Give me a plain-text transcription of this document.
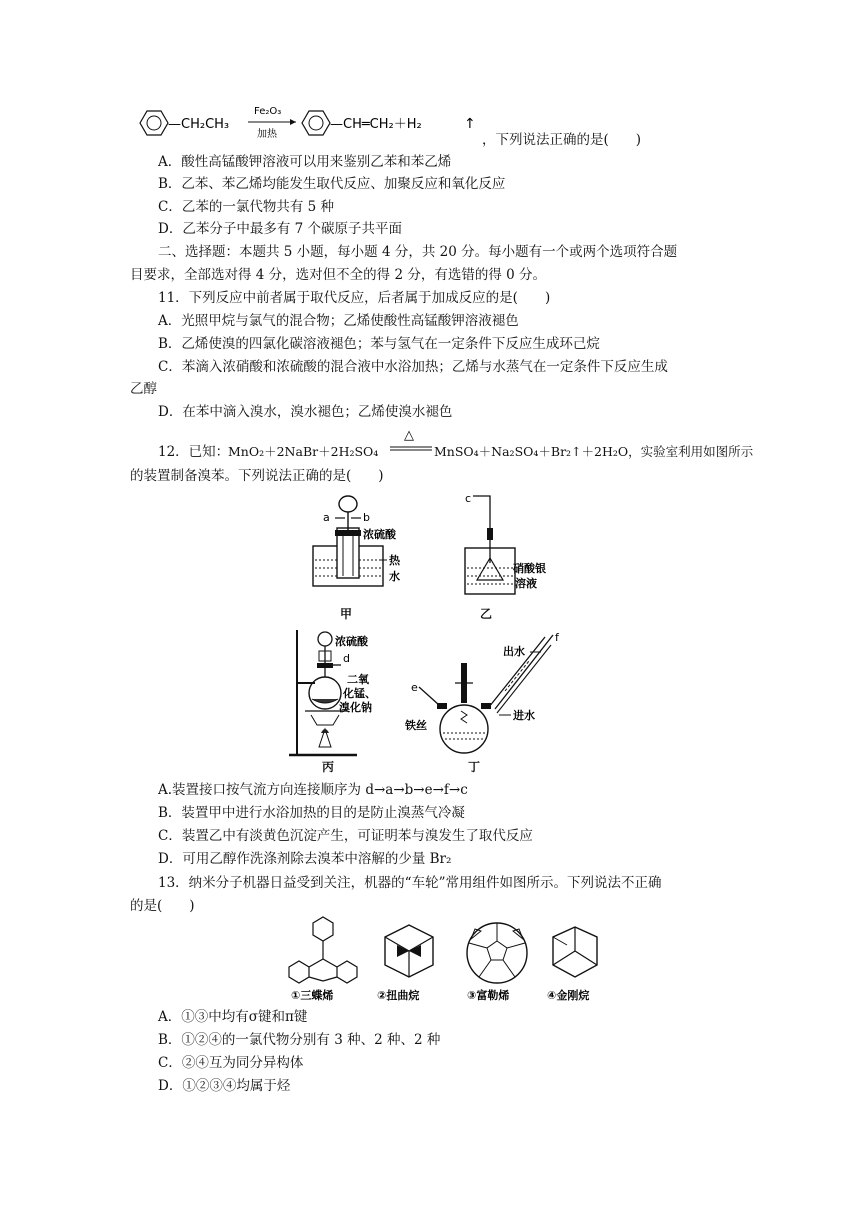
—CH₂CH₃
Fe₂O₃
加热
—CH═CH₂＋H₂	↑
，下列说法正确的是(　　)
A．酸性高锰酸钾溶液可以用来鉴别乙苯和苯乙烯
B．乙苯、苯乙烯均能发生取代反应、加聚反应和氧化反应
C．乙苯的一氯代物共有 5 种
D．乙苯分子中最多有 7 个碳原子共平面
二、选择题：本题共 5 小题，每小题 4 分，共 20 分。每小题有一个或两个选项符合题
目要求，全部选对得 4 分，选对但不全的得 2 分，有选错的得 0 分。
11．下列反应中前者属于取代反应，后者属于加成反应的是(　　)
A．光照甲烷与氯气的混合物；乙烯使酸性高锰酸钾溶液褪色
B．乙烯使溴的四氯化碳溶液褪色；苯与氢气在一定条件下反应生成环己烷
C．苯滴入浓硝酸和浓硫酸的混合液中水浴加热；乙烯与水蒸气在一定条件下反应生成
乙醇
D．在苯中滴入溴水，溴水褪色；乙烯使溴水褪色
12．已知：
MnO₂＋2NaBr＋2H₂SO₄
△
MnSO₄＋Na₂SO₄＋Br₂↑＋2H₂O，实验室利用如图所示
的装置制备溴苯。下列说法正确的是(　　)
a	b
浓硫酸
热
水
甲
c
硝酸银
溶液
乙
浓硫酸
d
二氧
化锰、
溴化钠
丙
f
出水
e
进水
铁丝
丁
A.装置接口按气流方向连接顺序为 d→a→b→e→f→c
B．装置甲中进行水浴加热的目的是防止溴蒸气冷凝
C．装置乙中有淡黄色沉淀产生，可证明苯与溴发生了取代反应
D．可用乙醇作洗涤剂除去溴苯中溶解的少量 Br₂
13．纳米分子机器日益受到关注，机器的“车轮”常用组件如图所示。下列说法不正确
的是(　　)
①三蝶烯	②扭曲烷	③富勒烯	④金刚烷
A．①③中均有σ键和π键
B．①②④的一氯代物分别有 3 种、2 种、2 种
C．②④互为同分异构体
D．①②③④均属于烃
